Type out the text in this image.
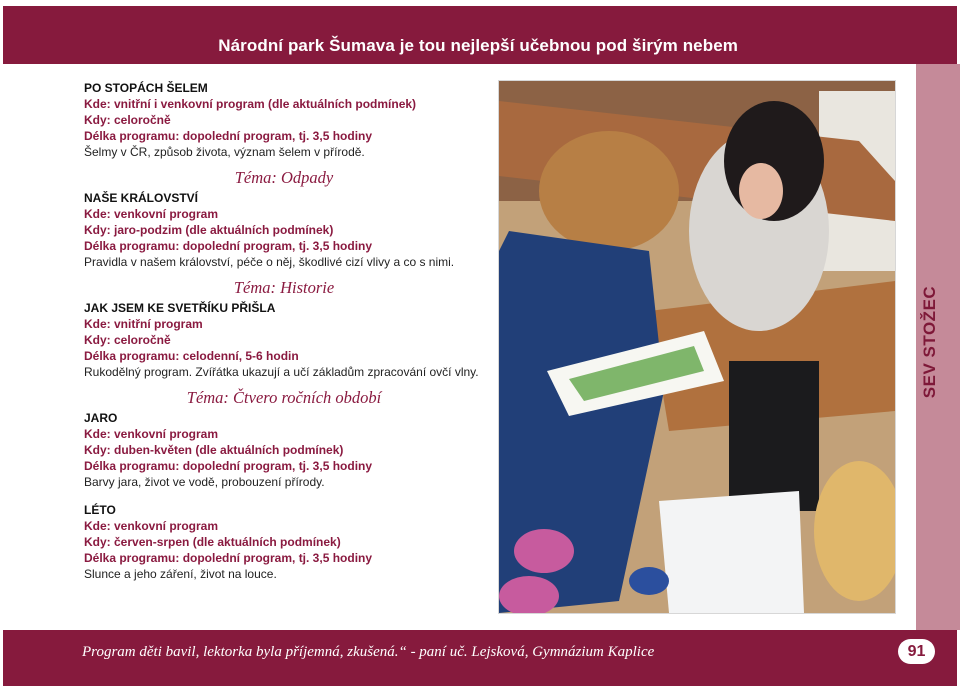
Národní park Šumava je tou nejlepší učebnou pod širým nebem
SEV STOŽEC
PO STOPÁCH ŠELEM
Kde: vnitřní i venkovní program (dle aktuálních podmínek)
Kdy: celoročně
Délka programu: dopolední program, tj. 3,5 hodiny
Šelmy v ČR, způsob života, význam šelem v přírodě.
Téma: Odpady
NAŠE KRÁLOVSTVÍ
Kde: venkovní program
Kdy: jaro-podzim (dle aktuálních podmínek)
Délka programu: dopolední program, tj. 3,5 hodiny
Pravidla v našem království, péče o něj, škodlivé cizí vlivy a co s nimi.
Téma: Historie
JAK JSEM KE SVETŘÍKU PŘIŠLA
Kde: vnitřní program
Kdy: celoročně
Délka programu: celodenní, 5-6 hodin
Rukodělný program. Zvířátka ukazují a učí základům zpracování ovčí vlny.
Téma: Čtvero ročních období
JARO
Kde: venkovní program
Kdy: duben-květen (dle aktuálních podmínek)
Délka programu: dopolední program, tj. 3,5 hodiny
Barvy jara, život ve vodě, probouzení přírody.
LÉTO
Kde: venkovní program
Kdy: červen-srpen (dle aktuálních podmínek)
Délka programu: dopolední program, tj. 3,5 hodiny
Slunce a jeho záření, život na louce.
Program děti bavil, lektorka byla příjemná, zkušená.“ - paní uč. Lejsková, Gymnázium Kaplice	91
